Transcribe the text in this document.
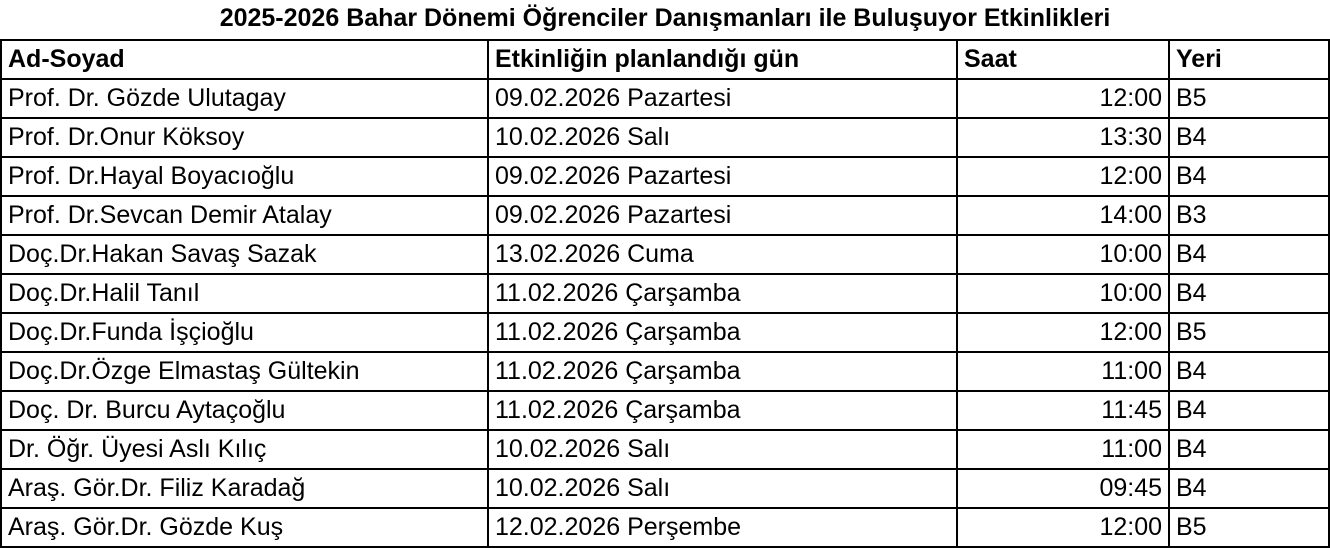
2025-2026 Bahar Dönemi Öğrenciler Danışmanları ile Buluşuyor Etkinlikleri			
Ad-Soyad	Etkinliğin planlandığı gün	Saat	Yeri
Prof. Dr. Gözde Ulutagay	09.02.2026 Pazartesi	12:00	B5
Prof. Dr.Onur Köksoy	10.02.2026 Salı	13:30	B4
Prof. Dr.Hayal Boyacıoğlu	09.02.2026 Pazartesi	12:00	B4
Prof. Dr.Sevcan Demir Atalay	09.02.2026 Pazartesi	14:00	B3
Doç.Dr.Hakan Savaş Sazak	13.02.2026 Cuma	10:00	B4
Doç.Dr.Halil Tanıl	11.02.2026 Çarşamba	10:00	B4
Doç.Dr.Funda İşçioğlu	11.02.2026 Çarşamba	12:00	B5
Doç.Dr.Özge Elmastaş Gültekin	11.02.2026 Çarşamba	11:00	B4
Doç. Dr. Burcu Aytaçoğlu	11.02.2026 Çarşamba	11:45	B4
Dr. Öğr. Üyesi Aslı Kılıç	10.02.2026 Salı	11:00	B4
Araş. Gör.Dr. Filiz Karadağ	10.02.2026 Salı	09:45	B4
Araş. Gör.Dr. Gözde Kuş	12.02.2026 Perşembe	12:00	B5
